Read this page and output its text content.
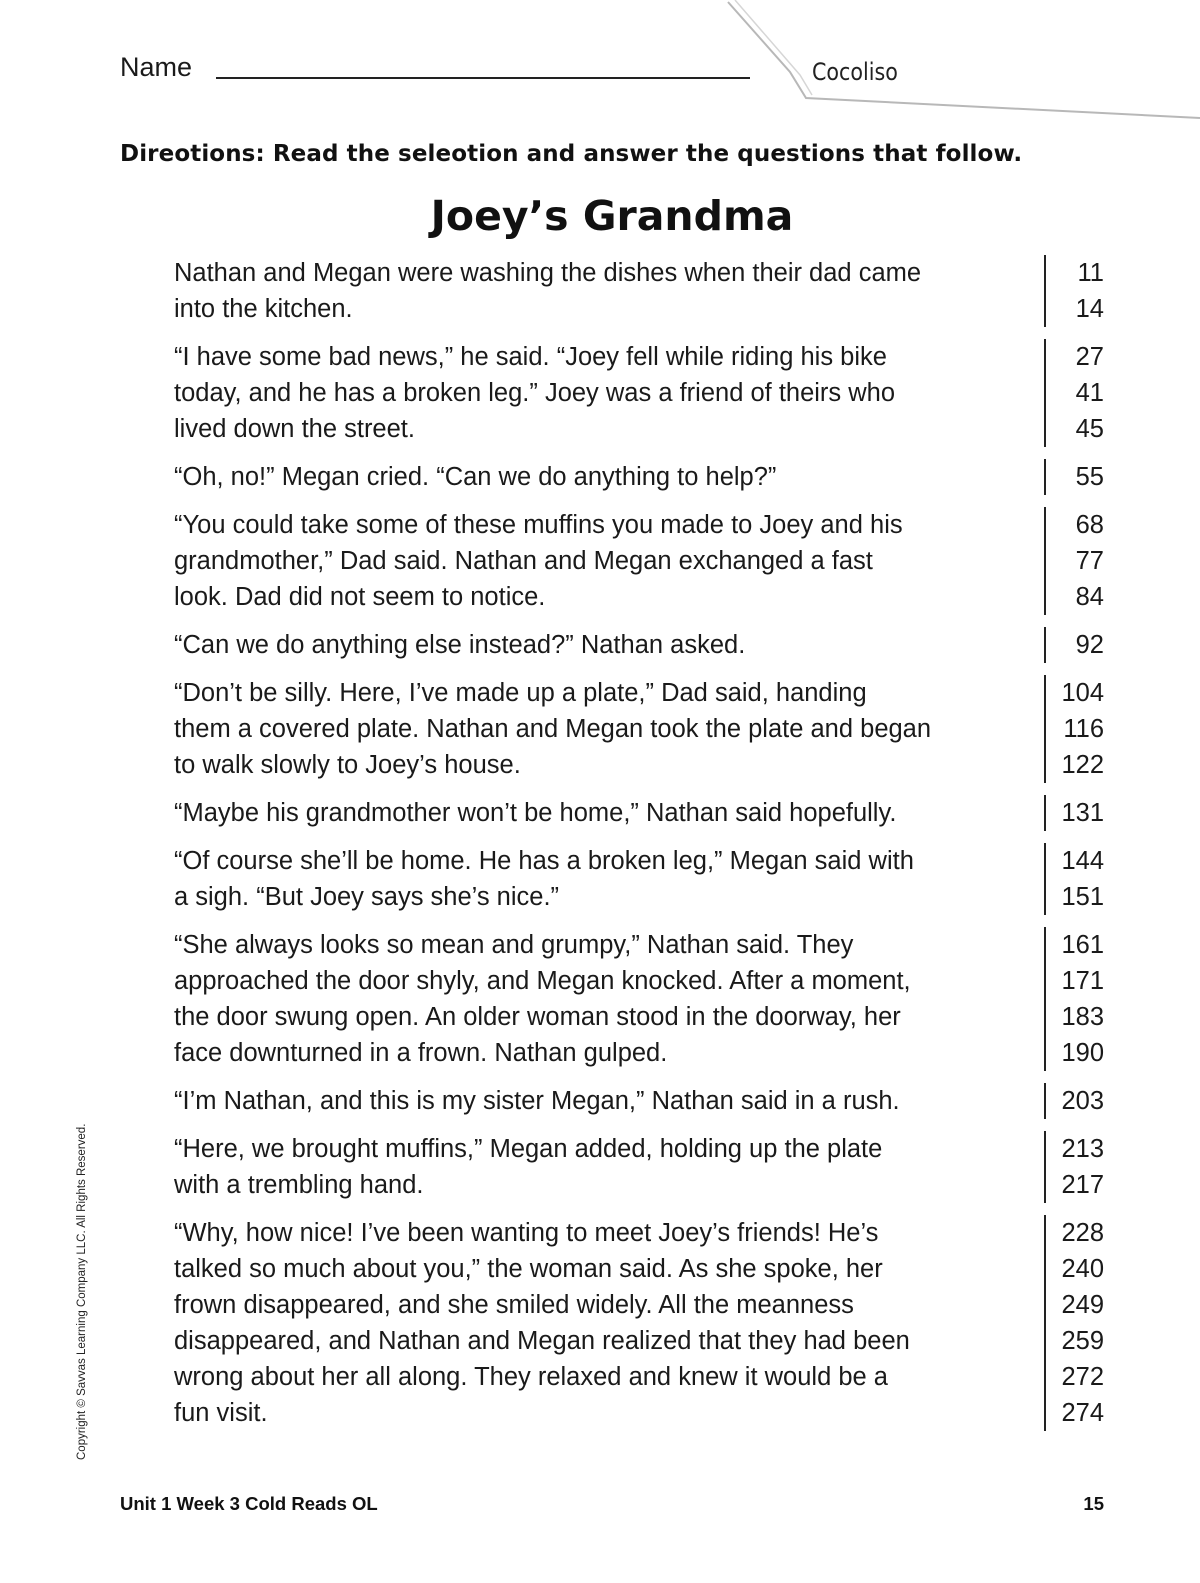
Name	Cocoliso
Direotions: Read the seleotion and answer the questions that follow.
Joey’s Grandma
Nathan and Megan were washing the dishes when their dad came	11
into the kitchen.	14
“I have some bad news,” he said. “Joey fell while riding his bike	27
today, and he has a broken leg.” Joey was a friend of theirs who	41
lived down the street.	45
“Oh, no!” Megan cried. “Can we do anything to help?”	55
“You could take some of these muffins you made to Joey and his	68
grandmother,” Dad said. Nathan and Megan exchanged a fast	77
look. Dad did not seem to notice.	84
“Can we do anything else instead?” Nathan asked.	92
“Don’t be silly. Here, I’ve made up a plate,” Dad said, handing	104
them a covered plate. Nathan and Megan took the plate and began	116
to walk slowly to Joey’s house.	122
“Maybe his grandmother won’t be home,” Nathan said hopefully.	131
“Of course she’ll be home. He has a broken leg,” Megan said with	144
a sigh. “But Joey says she’s nice.”	151
“She always looks so mean and grumpy,” Nathan said. They	161
approached the door shyly, and Megan knocked. After a moment,	171
the door swung open. An older woman stood in the doorway, her	183
face downturned in a frown. Nathan gulped.	190
“I’m Nathan, and this is my sister Megan,” Nathan said in a rush.	203
“Here, we brought muffins,” Megan added, holding up the plate	213
with a trembling hand.	217
“Why, how nice! I’ve been wanting to meet Joey’s friends! He’s	228
talked so much about you,” the woman said. As she spoke, her	240
frown disappeared, and she smiled widely. All the meanness	249
disappeared, and Nathan and Megan realized that they had been	259
wrong about her all along. They relaxed and knew it would be a	272
fun visit.	274
Copyright © Savvas Learning Company LLC. All Rights Reserved.
Unit 1 Week 3 Cold Reads OL	15
